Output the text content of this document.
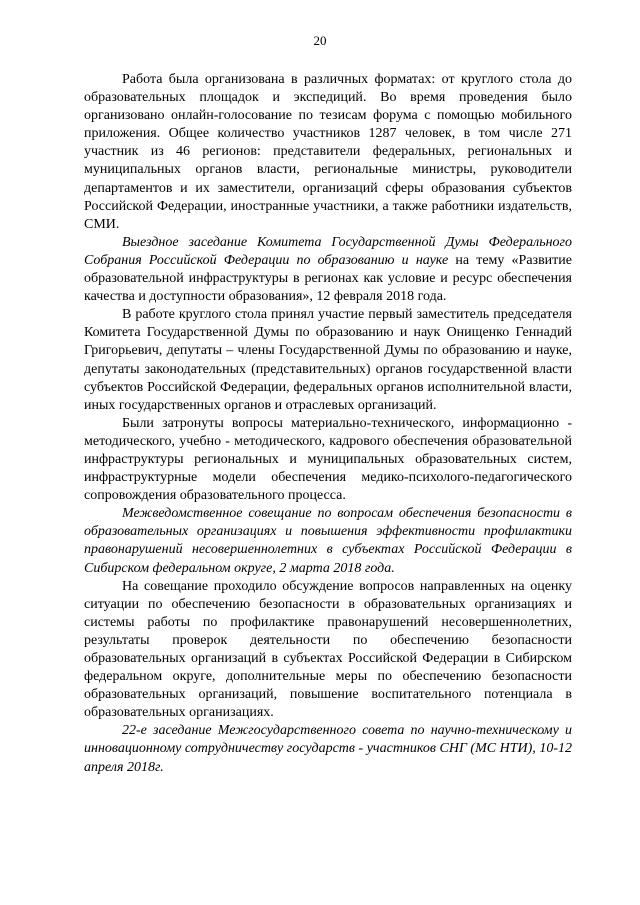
20

Работа была организована в различных форматах: от круглого стола до образовательных площадок и экспедиций. Во время проведения было организовано онлайн-голосование по тезисам форума с помощью мобильного приложения. Общее количество участников 1287 человек, в том числе 271 участник из 46 регионов: представители федеральных, региональных и муниципальных органов власти, региональные министры, руководители департаментов и их заместители, организаций сферы образования субъектов Российской Федерации, иностранные участники, а также работники издательств, СМИ.

Выездное заседание Комитета Государственной Думы Федерального Собрания Российской Федерации по образованию и науке на тему «Развитие образовательной инфраструктуры в регионах как условие и ресурс обеспечения качества и доступности образования», 12 февраля 2018 года.

В работе круглого стола принял участие первый заместитель председателя Комитета Государственной Думы по образованию и наук Онищенко Геннадий Григорьевич, депутаты – члены Государственной Думы по образованию и науке, депутаты законодательных (представительных) органов государственной власти субъектов Российской Федерации, федеральных органов исполнительной власти, иных государственных органов и отраслевых организаций.

Были затронуты вопросы материально-технического, информационно - методического, учебно - методического, кадрового обеспечения образовательной инфраструктуры региональных и муниципальных образовательных систем, инфраструктурные модели обеспечения медико-психолого-педагогического сопровождения образовательного процесса.

Межведомственное совещание по вопросам обеспечения безопасности в образовательных организациях и повышения эффективности профилактики правонарушений несовершеннолетних в субъектах Российской Федерации в Сибирском федеральном округе, 2 марта 2018 года.

На совещание проходило обсуждение вопросов направленных на оценку ситуации по обеспечению безопасности в образовательных организациях и системы работы по профилактике правонарушений несовершеннолетних, результаты проверок деятельности по обеспечению безопасности образовательных организаций в субъектах Российской Федерации в Сибирском федеральном округе, дополнительные меры по обеспечению безопасности образовательных организаций, повышение воспитательного потенциала в образовательных организациях.

22-е заседание Межгосударственного совета по научно-техническому и инновационному сотрудничеству государств - участников СНГ (МС НТИ), 10-12 апреля 2018г.
